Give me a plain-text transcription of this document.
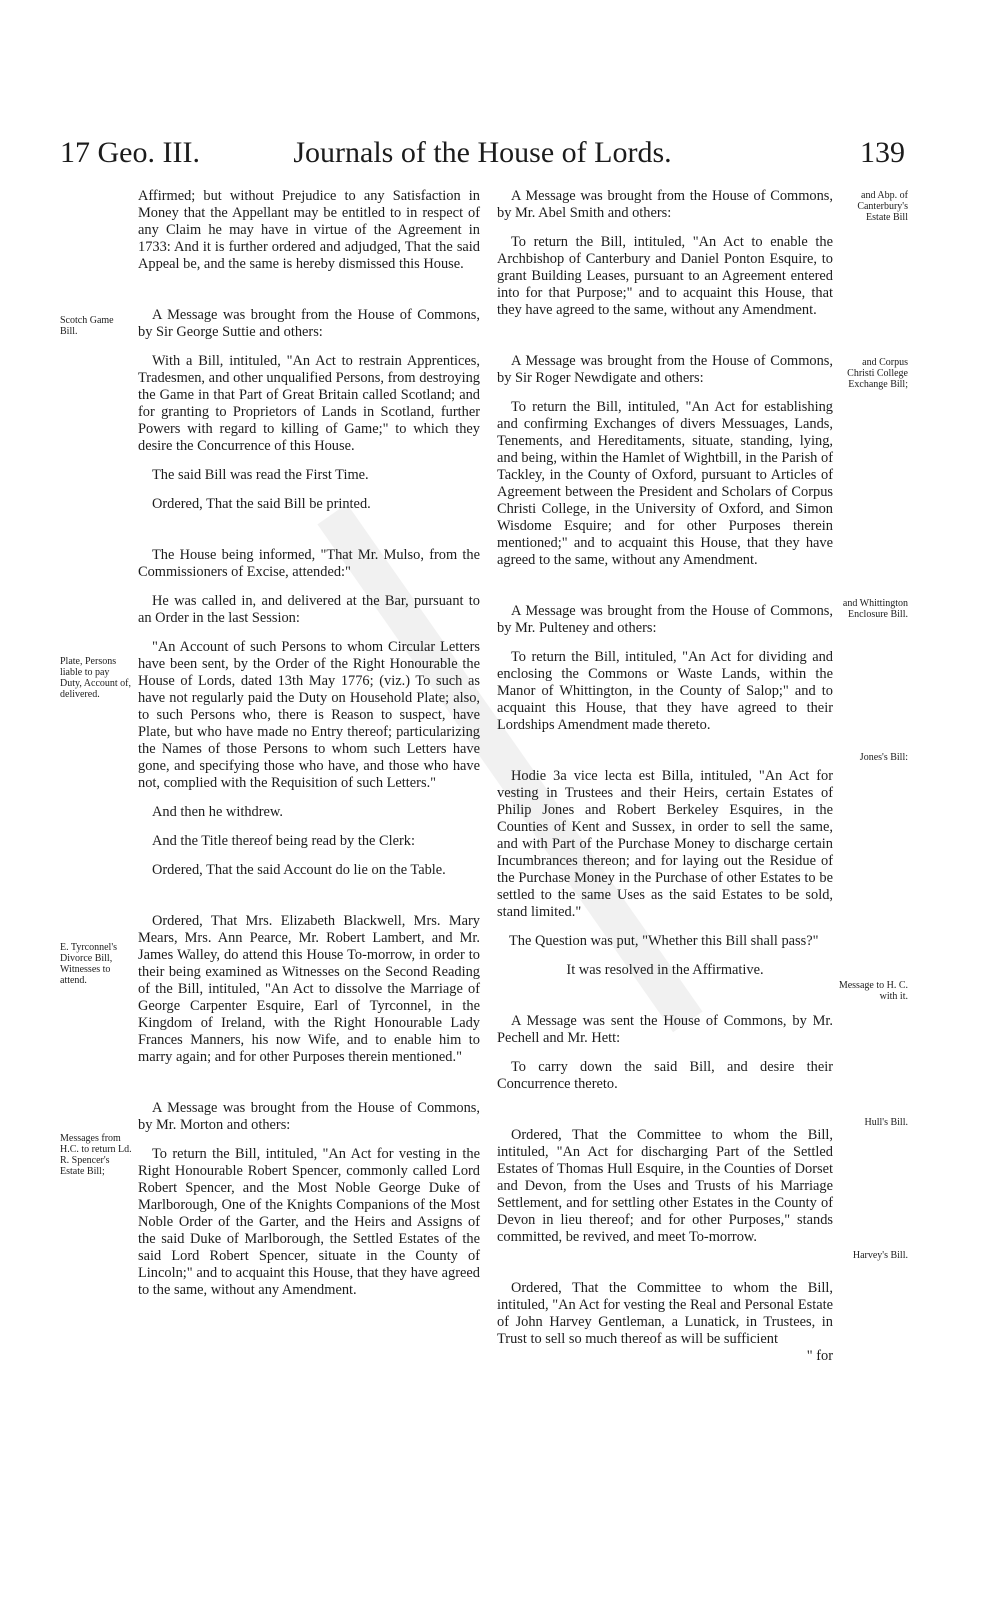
17 Geo. III.	Journals of the House of Lords.	139

Affirmed; but without Prejudice to any Satisfaction in Money that the Appellant may be entitled to in respect of any Claim he may have in virtue of the Agreement in 1733: And it is further ordered and adjudged, That the said Appeal be, and the same is hereby dismissed this House.

A Message was brought from the House of Commons, by Sir George Suttie and others:

With a Bill, intituled, "An Act to restrain Apprentices, Tradesmen, and other unqualified Persons, from destroying the Game in that Part of Great Britain called Scotland; and for granting to Proprietors of Lands in Scotland, further Powers with regard to killing of Game;" to which they desire the Concurrence of this House.

The said Bill was read the First Time.

Ordered, That the said Bill be printed.

The House being informed, "That Mr. Mulso, from the Commissioners of Excise, attended:"

He was called in, and delivered at the Bar, pursuant to an Order in the last Session:

"An Account of such Persons to whom Circular Letters have been sent, by the Order of the Right Honourable the House of Lords, dated 13th May 1776; (viz.) To such as have not regularly paid the Duty on Household Plate; also, to such Persons who, there is Reason to suspect, have Plate, but who have made no Entry thereof; particularizing the Names of those Persons to whom such Letters have gone, and specifying those who have, and those who have not, complied with the Requisition of such Letters."

And then he withdrew.

And the Title thereof being read by the Clerk:

Ordered, That the said Account do lie on the Table.

Ordered, That Mrs. Elizabeth Blackwell, Mrs. Mary Mears, Mrs. Ann Pearce, Mr. Robert Lambert, and Mr. James Walley, do attend this House To-morrow, in order to their being examined as Witnesses on the Second Reading of the Bill, intituled, "An Act to dissolve the Marriage of George Carpenter Esquire, Earl of Tyrconnel, in the Kingdom of Ireland, with the Right Honourable Lady Frances Manners, his now Wife, and to enable him to marry again; and for other Purposes therein mentioned."

A Message was brought from the House of Commons, by Mr. Morton and others:

To return the Bill, intituled, "An Act for vesting in the Right Honourable Robert Spencer, commonly called Lord Robert Spencer, and the Most Noble George Duke of Marlborough, One of the Knights Companions of the Most Noble Order of the Garter, and the Heirs and Assigns of the said Duke of Marlborough, the Settled Estates of the said Lord Robert Spencer, situate in the County of Lincoln;" and to acquaint this House, that they have agreed to the same, without any Amendment.

A Message was brought from the House of Commons, by Mr. Abel Smith and others:

To return the Bill, intituled, "An Act to enable the Archbishop of Canterbury and Daniel Ponton Esquire, to grant Building Leases, pursuant to an Agreement entered into for that Purpose;" and to acquaint this House, that they have agreed to the same, without any Amendment.

A Message was brought from the House of Commons, by Sir Roger Newdigate and others:

To return the Bill, intituled, "An Act for establishing and confirming Exchanges of divers Messuages, Lands, Tenements, and Hereditaments, situate, standing, lying, and being, within the Hamlet of Wightbill, in the Parish of Tackley, in the County of Oxford, pursuant to Articles of Agreement between the President and Scholars of Corpus Christi College, in the University of Oxford, and Simon Wisdome Esquire; and for other Purposes therein mentioned;" and to acquaint this House, that they have agreed to the same, without any Amendment.

A Message was brought from the House of Commons, by Mr. Pulteney and others:

To return the Bill, intituled, "An Act for dividing and enclosing the Commons or Waste Lands, within the Manor of Whittington, in the County of Salop;" and to acquaint this House, that they have agreed to their Lordships Amendment made thereto.

Hodie 3a vice lecta est Billa, intituled, "An Act for vesting in Trustees and their Heirs, certain Estates of Philip Jones and Robert Berkeley Esquires, in the Counties of Kent and Sussex, in order to sell the same, and with Part of the Purchase Money to discharge certain Incumbrances thereon; and for laying out the Residue of the Purchase Money in the Purchase of other Estates to be settled to the same Uses as the said Estates to be sold, stand limited."

The Question was put, "Whether this Bill shall pass?"

It was resolved in the Affirmative.

A Message was sent the House of Commons, by Mr. Pechell and Mr. Hett:

To carry down the said Bill, and desire their Concurrence thereto.

Ordered, That the Committee to whom the Bill, intituled, "An Act for discharging Part of the Settled Estates of Thomas Hull Esquire, in the Counties of Dorset and Devon, from the Uses and Trusts of his Marriage Settlement, and for settling other Estates in the County of Devon in lieu thereof; and for other Purposes," stands committed, be revived, and meet To-morrow.

Ordered, That the Committee to whom the Bill, intituled, "An Act for vesting the Real and Personal Estate of John Harvey Gentleman, a Lunatick, in Trustees, in Trust to sell so much thereof as will be sufficient

" for

Scotch Game Bill.
Plate, Persons liable to pay Duty, Account of, delivered.
E. Tyrconnel's Divorce Bill, Witnesses to attend.
Messages from H.C. to return Ld. R. Spencer's Estate Bill;
and Abp. of Canterbury's Estate Bill
and Corpus Christi College Exchange Bill;
and Whittington Enclosure Bill.
Jones's Bill:
Message to H. C. with it.
Hull's Bill.
Harvey's Bill.
